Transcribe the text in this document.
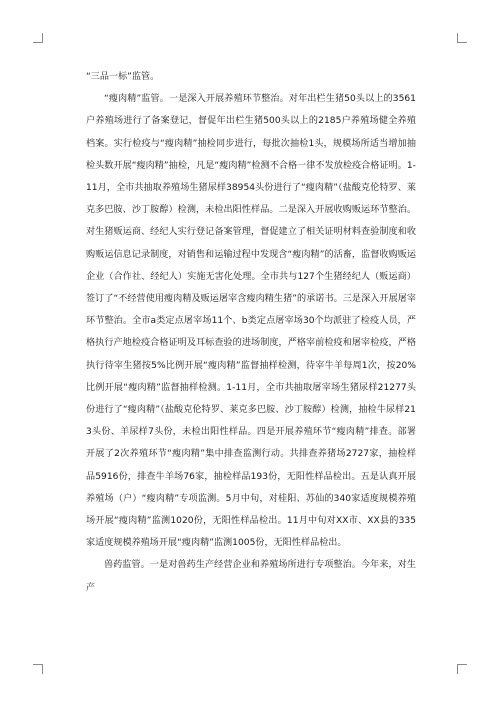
“三品一标”监管。

“瘦肉精”监管。一是深入开展养殖环节整治。对年出栏生猪50头以上的3561户养殖场进行了备案登记，督促年出栏生猪500头以上的2185户养殖场健全养殖档案。实行检疫与“瘦肉精”抽检同步进行，每批次抽检1头，规模场所适当增加抽检头数开展“瘦肉精”抽检，凡是“瘦肉精”检测不合格一律不发放检疫合格证明。1-11月，全市共抽取养殖场生猪尿样38954头份进行了“瘦肉精”（盐酸克伦特罗、莱克多巴胺、沙丁胺醇）检测，未检出阳性样品。二是深入开展收购贩运环节整治。对生猪贩运商、经纪人实行登记备案管理，督促建立了相关证明材料查验制度和收购贩运信息记录制度，对销售和运输过程中发现含“瘦肉精”的活畜，监督收购贩运企业（合作社、经纪人）实施无害化处理。全市共与127个生猪经纪人（贩运商）签订了“不经营使用瘦肉精及贩运屠宰含瘦肉精生猪”的承诺书。三是深入开展屠宰环节整治。全市a类定点屠宰场11个、b类定点屠宰场30个均派驻了检疫人员，严格执行产地检疫合格证明及耳标查验的进场制度，严格宰前检疫和屠宰检疫，严格执行待宰生猪按5%比例开展“瘦肉精”监督抽样检测，待宰牛羊每周1次，按20%比例开展“瘦肉精”监督抽样检测。1-11月，全市共抽取屠宰场生猪尿样21277头份进行了“瘦肉精”（盐酸克伦特罗、莱克多巴胺、沙丁胺醇）检测，抽检牛尿样213头份、羊尿样7头份，未检出阳性样品。四是开展养殖环节“瘦肉精”排查。部署开展了2次养殖环节“瘦肉精”集中排查监测行动。共排查养猪场2727家，抽检样品5916份，排查牛羊场76家，抽检样品193份，无阳性样品检出。五是认真开展养殖场（户）“瘦肉精”专项监测。5月中旬，对桂阳、苏仙的340家适度规模养殖场开展“瘦肉精”监测1020份，无阳性样品检出。11月中旬对XX市、XX县的335家适度规模养殖场开展“瘦肉精”监测1005份，无阳性样品检出。

兽药监管。一是对兽药生产经营企业和养殖场所进行专项整治。今年来，对生产
